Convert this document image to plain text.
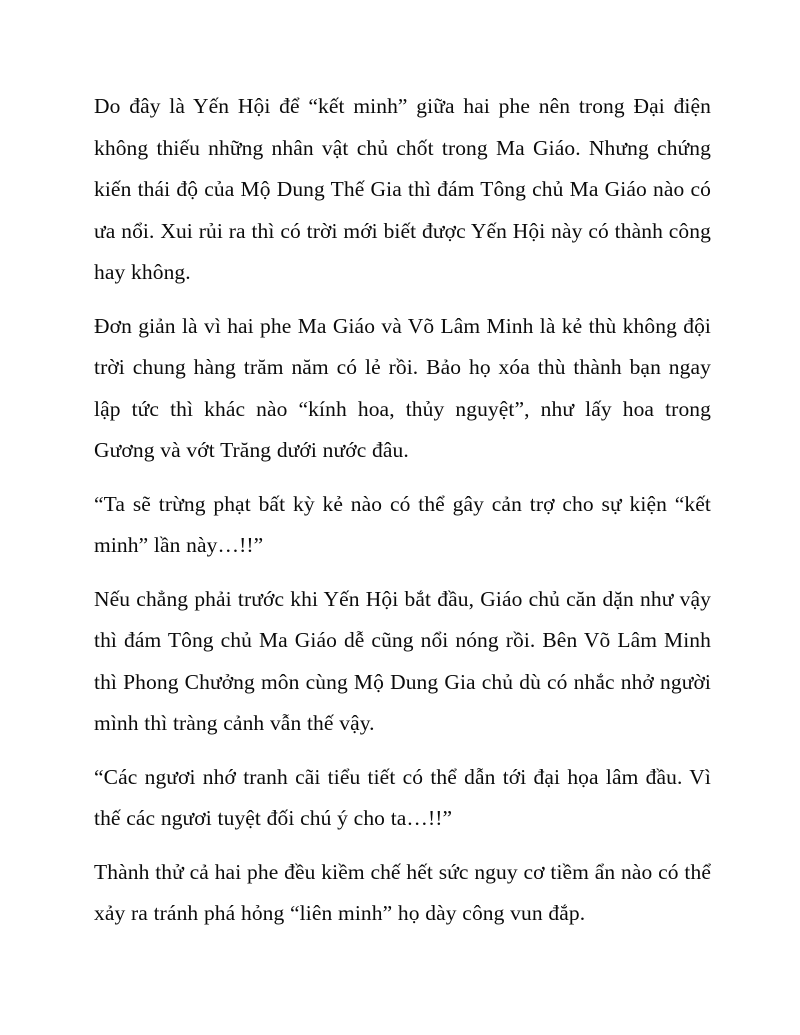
Do đây là Yến Hội để “kết minh” giữa hai phe nên trong Đại điện không thiếu những nhân vật chủ chốt trong Ma Giáo. Nhưng chứng kiến thái độ của Mộ Dung Thế Gia thì đám Tông chủ Ma Giáo nào có ưa nổi. Xui rủi ra thì có trời mới biết được Yến Hội này có thành công hay không.

Đơn giản là vì hai phe Ma Giáo và Võ Lâm Minh là kẻ thù không đội trời chung hàng trăm năm có lẻ rồi. Bảo họ xóa thù thành bạn ngay lập tức thì khác nào “kính hoa, thủy nguyệt”, như lấy hoa trong Gương và vớt Trăng dưới nước đâu.

“Ta sẽ trừng phạt bất kỳ kẻ nào có thể gây cản trợ cho sự kiện “kết minh” lần này…!!”

Nếu chẳng phải trước khi Yến Hội bắt đầu, Giáo chủ căn dặn như vậy thì đám Tông chủ Ma Giáo dễ cũng nổi nóng rồi. Bên Võ Lâm Minh thì Phong Chưởng môn cùng Mộ Dung Gia chủ dù có nhắc nhở người mình thì tràng cảnh vẫn thế vậy.

“Các ngươi nhớ tranh cãi tiểu tiết có thể dẫn tới đại họa lâm đầu. Vì thế các ngươi tuyệt đối chú ý cho ta…!!”

Thành thử cả hai phe đều kiềm chế hết sức nguy cơ tiềm ẩn nào có thể xảy ra tránh phá hỏng “liên minh” họ dày công vun đắp.
